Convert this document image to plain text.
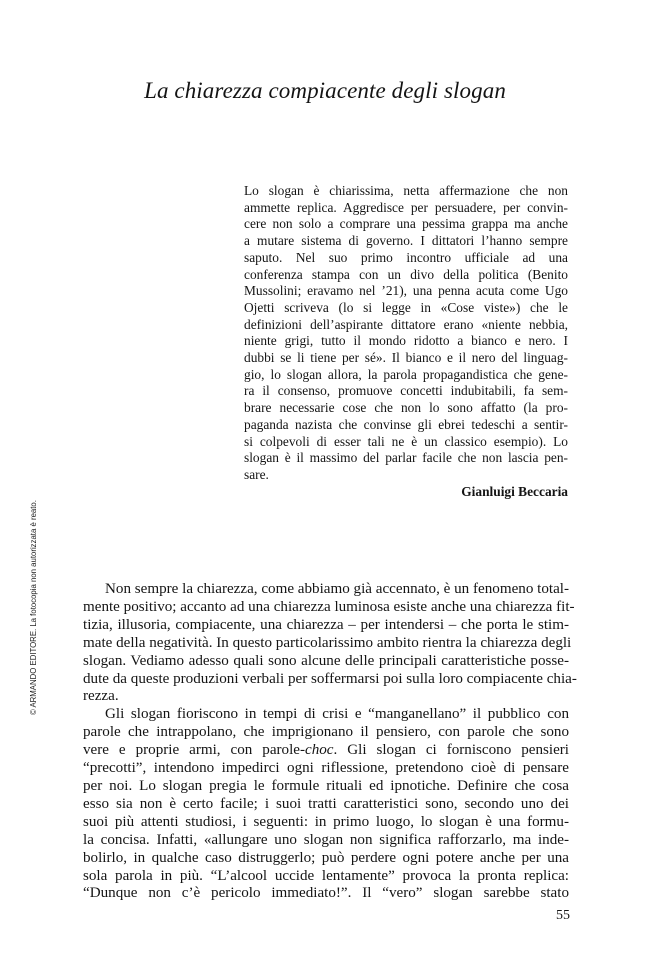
La chiarezza compiacente degli slogan
Lo slogan è chiarissima, netta affermazione che non
ammette replica. Aggredisce per persuadere, per convin-
cere non solo a comprare una pessima grappa ma anche
a mutare sistema di governo. I dittatori l’hanno sempre
saputo. Nel suo primo incontro ufficiale ad una
conferenza stampa con un divo della politica (Benito
Mussolini; eravamo nel ’21), una penna acuta come Ugo
Ojetti scriveva (lo si legge in «Cose viste») che le
definizioni dell’aspirante dittatore erano «niente nebbia,
niente grigi, tutto il mondo ridotto a bianco e nero. I
dubbi se li tiene per sé». Il bianco e il nero del linguag-
gio, lo slogan allora, la parola propagandistica che gene-
ra il consenso, promuove concetti indubitabili, fa sem-
brare necessarie cose che non lo sono affatto (la pro-
paganda nazista che convinse gli ebrei tedeschi a sentir-
si colpevoli di esser tali ne è un classico esempio). Lo
slogan è il massimo del parlar facile che non lascia pen-
sare.
Gianluigi Beccaria
Non sempre la chiarezza, come abbiamo già accennato, è un fenomeno total-
mente positivo; accanto ad una chiarezza luminosa esiste anche una chiarezza fit-
tizia, illusoria, compiacente, una chiarezza – per intendersi – che porta le stim-
mate della negatività. In questo particolarissimo ambito rientra la chiarezza degli
slogan. Vediamo adesso quali sono alcune delle principali caratteristiche posse-
dute da queste produzioni verbali per soffermarsi poi sulla loro compiacente chia-
rezza.
Gli slogan fioriscono in tempi di crisi e “manganellano” il pubblico con
parole che intrappolano, che imprigionano il pensiero, con parole che sono
vere e proprie armi, con parole-choc. Gli slogan ci forniscono pensieri
“precotti”, intendono impedirci ogni riflessione, pretendono cioè di pensare
per noi. Lo slogan pregia le formule rituali ed ipnotiche. Definire che cosa
esso sia non è certo facile; i suoi tratti caratteristici sono, secondo uno dei
suoi più attenti studiosi, i seguenti: in primo luogo, lo slogan è una formu-
la concisa. Infatti, «allungare uno slogan non significa rafforzarlo, ma inde-
bolirlo, in qualche caso distruggerlo; può perdere ogni potere anche per una
sola parola in più. “L’alcool uccide lentamente” provoca la pronta replica:
“Dunque non c’è pericolo immediato!”. Il “vero” slogan sarebbe stato
© ARMANDO EDITORE. La fotocopia non autorizzata è reato.
55
